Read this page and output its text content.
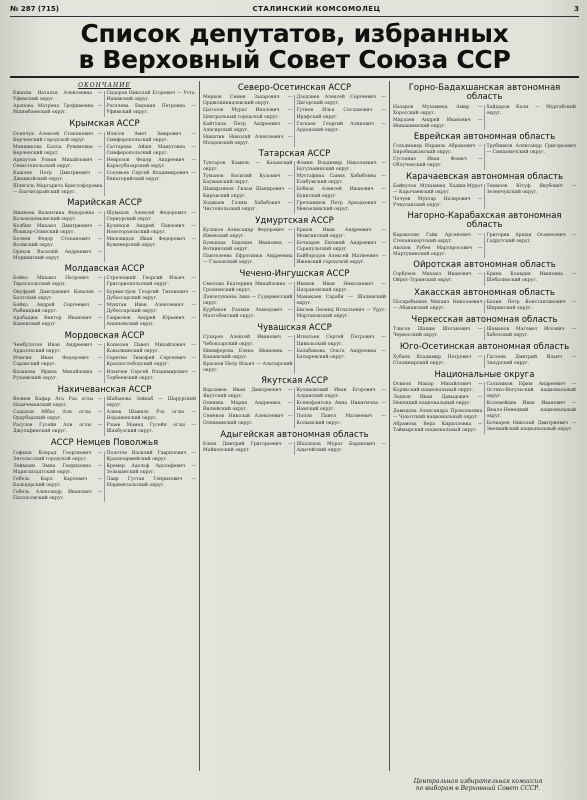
№ 287 (715)	СТАЛИНСКИЙ КОМСОМОЛЕЦ	3
Список депутатов, избранных
в Верховный Совет Союза ССР
ОКОНЧАНИЕ
Ежкова Наталья Алексеевна — Уфимский округ.
Арапова Матрена Трофимовна — Ишимбаевский округ.
Сидоров Николай Егорович — Усть-Ишимский округ.
Рогачева Евдокия Петровна — Уфимский округ.
Крымская АССР
Осипчук Алексей Степанович — Керченский городской округ.
Меншикова Бэлла Рувимовна — Керченский округ.
Арнаутов Роман Михайлович — Севастопольский округ.
Кашлев Петр Дмитриевич — Джанкойский округ.
Шлягель Маргарита Кристофоровна — Бахчисарайский округ.
Илясов Амет Эмирович — Симферопольский округ.
Саттарова Айше Мамутовна — Симферопольский округ.
Неврозов Федор Андреевич — Карасубазарский округ.
Соловьев Сергей Владимирович — Евпаторийский округ.
Марийская АССР
Иманова Валентина Федоровна — Козьмодемьянский округ.
Колбин Михаил Дмитриевич — Йошкар-Олинский округ.
Беляев Федор Степанович — Волжский округ.
Орехов Василий Андреевич — Моркинский округ.
Шумахов Алексей Федорович — Сернурский округ.
Кузнецов Андрей Павлович — Новоторъяльский округ.
Миловидов Иван Федорович — Куженерский округ.
Молдавская АССР
Бойко Михаил Петрович — Тираспольский округ.
Онуфрий Дмитриевич Ковалев — Балтский округ.
Бойко Андрей Сергеевич — Рыбницкий округ.
Арабаджи Виктор Иванович — Каменский округ.
Стрелецкий Георгий Ильич — Григориопольский округ.
Бурмистров Георгий Тихонович — Дубоссарский округ.
Муштан Иван Алексеевич — Дубоссарский округ.
Гаврилюк Андрей Юрьевич — Ананьевский округ.
Мордовская АССР
Чембулатов Иван Андреевич — Ардатовский округ.
Ичигин Иван Федорович — Саранский округ.
Казакова Ирина Михайловна — Рузаевский округ.
Кошелев Павел Михайлович — Ковылкинский округ.
Серегин Тимофей Сергеевич — Краснослободский округ.
Ильичев Сергей Владимирович — Торбеевский округ.
Нахичеванская АССР
Велиев Кафар Ага Рза оглы — Нахичеванский округ.
Садыхов Аббас Али оглы — Ордубадский округ.
Расулов Гусейн Али оглы — Джульфинский округ.
Шабанова Зейнаб — Шарурский округ.
Алиев Шамиль Рза оглы — Норашенский округ.
Рзаев Мамед Гусейн оглы — Шахбузский округ.
АССР Немцев Поволжья
Гофман Конрад Георгиевич — Энгельсский городской округ.
Лейманн Эмма Генриховна — Марксштадтский округ.
Гебель Карл Карлович — Бальцерский округ.
Гебель Александр Иванович — Палласовский округ.
Полотов Василий Гаврилович — Красноармейский округ.
Кремер Адольф Адольфович — Зельманский округ.
Лавр Густав Генрихович — Мариентальский округ.
Северо-Осетинская АССР
Мерков Семен Захарович — Орджоникидзевский округ.
Цаголов Мурат Иналович — Центральный городской округ.
Кайтуков Петр Андреевич — Алагирский округ.
Никитин Николай Алексеевич — Моздокский округ.
Дзодзиев Алексей Сергеевич — Дигорский округ.
Гутиев Илья Сосланович — Ирафский округ.
Гагкаев Георгий Аликович — Ардонский округ.
Татарская АССР
Туктаров Камиль — Казанский округ.
Туманов Василий Кузьмич — Бауманский округ.
Шакирзянов Гильм Шакирович — Кировский округ.
Ходжаев Галим Хабибович — Чистопольский округ.
Фомин Владимир Николаевич — Бугульминский округ.
Мустафина Сания Хабибовна — Елабужский округ.
Бобков Алексей Иванович — Буинский округ.
Гречанинов Петр Аркадьевич — Мензелинский округ.
Удмуртская АССР
Кулаков Александр Федорович — Ижевский округ.
Бунькова Евдокия Ивановна — Воткинский округ.
Пантелеева Ефросинья Андреевна — Глазовский округ.
Ершов Иван Андреевич — Можгинский округ.
Бочкарев Евгений Андреевич — Сарапульский округ.
Байбородов Алексей Матвеевич — Ижевский городской округ.
Чечено-Ингушская АССР
Смелова Екатерина Михайловна — Грозненский округ.
Давлетукаева Зина — Гудермесский округ.
Курбанов Рахман Ахмедович — Малгобекский округ.
Иванов Иван Николаевич — Назрановский округ.
Мамакаев Сараби — Шалинский округ.
Бигаев Леонид Игнатьевич — Урус-Мартановский округ.
Чувашская АССР
Сухарев Алексей Иванович — Чебоксарский округ.
Никифорова Елена Ивановна — Канашский округ.
Краснов Петр Ильич — Алатырский округ.
Игнатьев Сергей Петрович — Цивильский округ.
Балабанова Ольга Андреевна — Батыревский округ.
Якутская АССР
Варламов Иван Дмитриевич — Якутский округ.
Оленева Мария Андреевна — Вилюйский округ.
Семенов Николай Алексеевич — Олекминский округ.
Кулаковский Иван Егорович — Алданский округ.
Ксенофонтова Анна Никитична — Намский округ.
Попов Павел Матвеевич — Колымский округ.
Адыгейская автономная область
Блеш Дмитрий Григорьевич — Майкопский округ.
Шхалахов Мурат Баракович — Адыгейский округ.
Горно-Бадахшанская автономная область
Назаров Мухаммед Амир — Хорогский округ.
Мирзаев Андрей Иванович — Ишкашимский округ.
Хайдаров Кали — Мургабский округ.
Еврейская автономная область
Гольдманер Израиль Абрамович — Биробиджанский округ.
Сусленко Иван Фомич — Облученский округ.
Трубников Александр Григорьевич — Смидовичский округ.
Карачаевская автономная область
Байкулов Мухаммед Хаджи-Мурат — Карачаевский округ.
Чочуев Мухтар Назирович — Учкуланский округ.
Теммоев Юсуф Якубович — Зеленчукский округ.
Нагорно-Карабахская автономная область
Каракозян Гайк Арсенович — Степанакертский округ.
Акопов Рубен Мартиросович — Мартунинский округ.
Григорян Аршак Оганесович — Гадрутский округ.
Ойротская автономная область
Горбунов Михаил Иванович — Ойрот-Туринский округ.
Ерина Клавдия Ивановна — Шебалинский округ.
Хакасская автономная область
Поскребышев Михаил Николаевич — Абаканский округ.
Балин Петр Константинович — Ширинский округ.
Черкесская автономная область
Тлисов Шахим Шоганович — Черкесский округ.
Шаманов Магомет Иссович — Хабезский округ.
Юго-Осетинская автономная область
Хубаев Владимир Петрович — Сталинирский округ.
Гаглоев Дмитрий Ильич — Знаурский округ.
Национальные округа
Осипов Макар Михайлович — Корякский национальный округ.
Ледков Иван Давыдович — Ненецкий национальный округ.
Давыдова Александра Прокопьевна — Чукотский национальный округ.
Абрамова Вера Кирилловна — Таймырский национальный округ.
Сальников Ефим Андреевич — Остяко-Вогульский национальный округ.
Коломейцев Иван Иванович — Ямало-Ненецкий национальный округ.
Бочкарев Николай Дмитриевич — Эвенкийский национальный округ.
Центральная избирательная комиссия
по выборам в Верховный Совет СССР.
